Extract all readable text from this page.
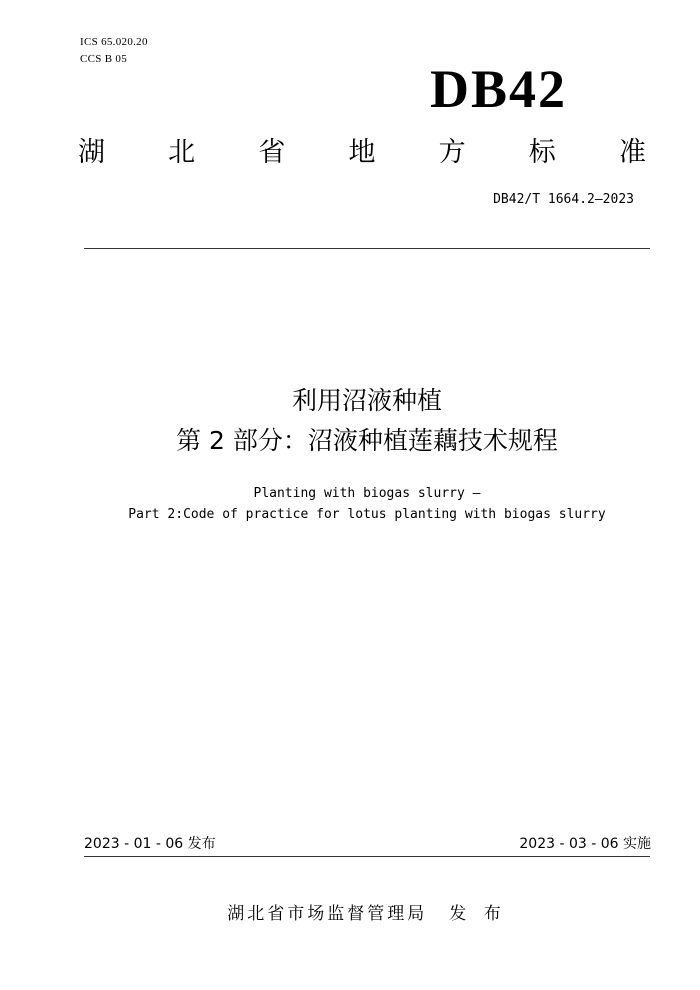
ICS 65.020.20
CCS B 05	DB42
湖 北 省 地 方 标 准
DB42/T 1664.2—2023
利用沼液种植
第 2 部分：沼液种植莲藕技术规程
Planting with biogas slurry —
Part 2:Code of practice for lotus planting with biogas slurry
2023 - 01 - 06 发布	2023 - 03 - 06 实施
湖北省市场监督管理局 发 布
